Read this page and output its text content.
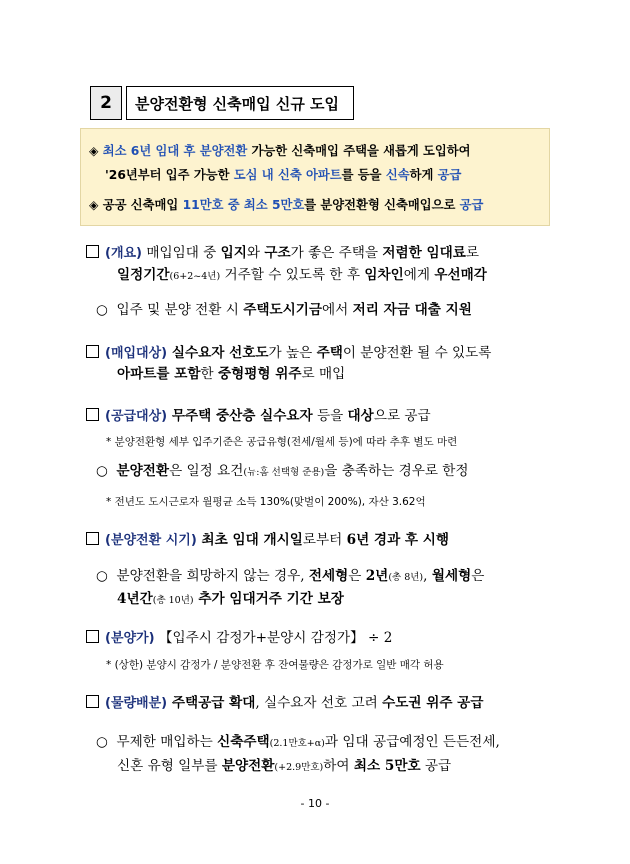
2	분양전환형 신축매입 신규 도입
◈ 최소 6년 임대 후 분양전환 가능한 신축매입 주택을 새롭게 도입하여
'26년부터 입주 가능한 도심 내 신축 아파트를 등을 신속하게 공급
◈ 공공 신축매입 11만호 중 최소 5만호를 분양전환형 신축매입으로 공급
(개요) 매입임대 중 입지와 구조가 좋은 주택을 저렴한 임대료로
일정기간(6+2~4년) 거주할 수 있도록 한 후 임차인에게 우선매각
○ 입주 및 분양 전환 시 주택도시기금에서 저리 자금 대출 지원
(매입대상) 실수요자 선호도가 높은 주택이 분양전환 될 수 있도록
아파트를 포함한 중형평형 위주로 매입
(공급대상) 무주택 중산층 실수요자 등을 대상으로 공급
* 분양전환형 세부 입주기준은 공급유형(전세/월세 등)에 따라 추후 별도 마련
○ 분양전환은 일정 요건(뉴:홈 선택형 준용)을 충족하는 경우로 한정
* 전년도 도시근로자 월평균 소득 130%(맞벌이 200%), 자산 3.62억
(분양전환 시기) 최초 임대 개시일로부터 6년 경과 후 시행
○ 분양전환을 희망하지 않는 경우, 전세형은 2년(총 8년), 월세형은
4년간(총 10년) 추가 임대거주 기간 보장
(분양가) 【입주시 감정가+분양시 감정가】 ÷ 2
* (상한) 분양시 감정가 / 분양전환 후 잔여물량은 감정가로 일반 매각 허용
(물량배분) 주택공급 확대, 실수요자 선호 고려 수도권 위주 공급
○ 무제한 매입하는 신축주택(2.1만호+α)과 임대 공급예정인 든든전세,
신혼 유형 일부를 분양전환(+2.9만호)하여 최소 5만호 공급
- 10 -
